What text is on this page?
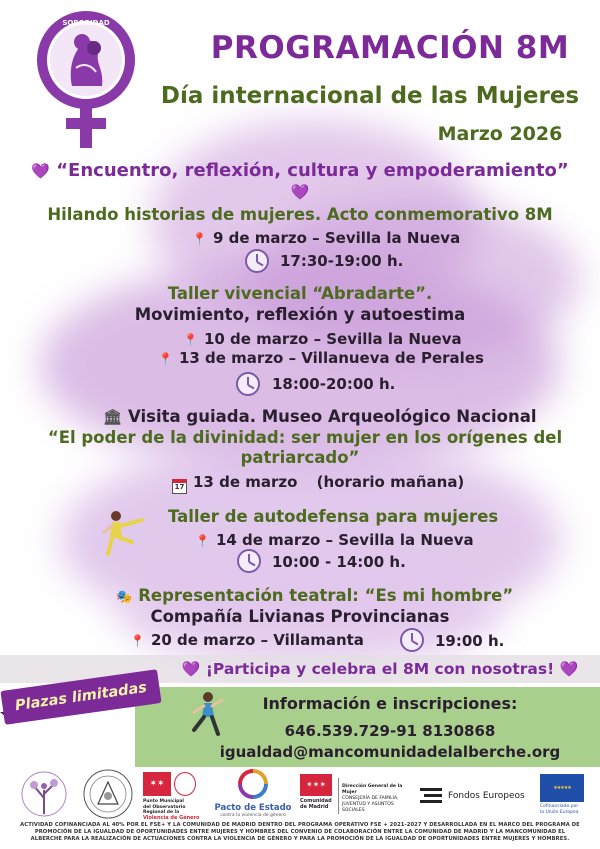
SORORIDAD
PROGRAMACIÓN 8M
Día internacional de las Mujeres
Marzo 2026
💜 “Encuentro, reflexión, cultura y empoderamiento” 💜
Hilando historias de mujeres. Acto conmemorativo 8M
📍 9 de marzo – Sevilla la Nueva
17:30-19:00 h.
Taller vivencial “Abradarte”.
Movimiento, reflexión y autoestima
📍 10 de marzo – Sevilla la Nueva
📍 13 de marzo – Villanueva de Perales
18:00-20:00 h.
🏛 Visita guiada. Museo Arqueológico Nacional
“El poder de la divinidad: ser mujer en los orígenes del
patriarcado”
17 13 de marzo (horario mañana)
Taller de autodefensa para mujeres
📍 14 de marzo – Sevilla la Nueva
10:00 - 14:00 h.
🎭 Representación teatral: “Es mi hombre”
Compañía Livianas Provincianas
📍 20 de marzo – Villamanta	19:00 h.
💜 ¡Participa y celebra el 8M con nosotras! 💜
Plazas limitadas	Información e inscripciones:
646.539.729-91 8130868
igualdad@mancomunidadelalberche.org
✶✶
Punto Municipal
del Observatorio Regional de la
Violencia de Género
Pacto de Estado
contra la violencia de género
✶✶✶
Comunidad
de Madrid
Dirección General de la Mujer
CONSEJERÍA DE FAMILIA,
JUVENTUD Y ASUNTOS SOCIALES
Fondos Europeos
★★★★★
Cofinanciado por
la Unión Europea
ACTIVIDAD COFINANCIADA AL 40% POR EL FSE+ Y LA COMUNIDAD DE MADRID DENTRO DEL PROGRAMA OPERATIVO FSE + 2021-2027 Y DESARROLLADA EN EL MARCO DEL PROGRAMA DE
PROMOCIÓN DE LA IGUALDAD DE OPORTUNIDADES ENTRE MUJERES Y HOMBRES DEL CONVENIO DE COLABORACIÓN ENTRE LA COMUNIDAD DE MADRID Y LA MANCOMUNIDAD EL
ALBERCHE PARA LA REALIZACIÓN DE ACTUACIONES CONTRA LA VIOLENCIA DE GÉNERO Y PARA LA PROMOCIÓN DE LA IGUALDAD DE OPORTUNIDADES ENTRE MUJERES Y HOMBRES.
